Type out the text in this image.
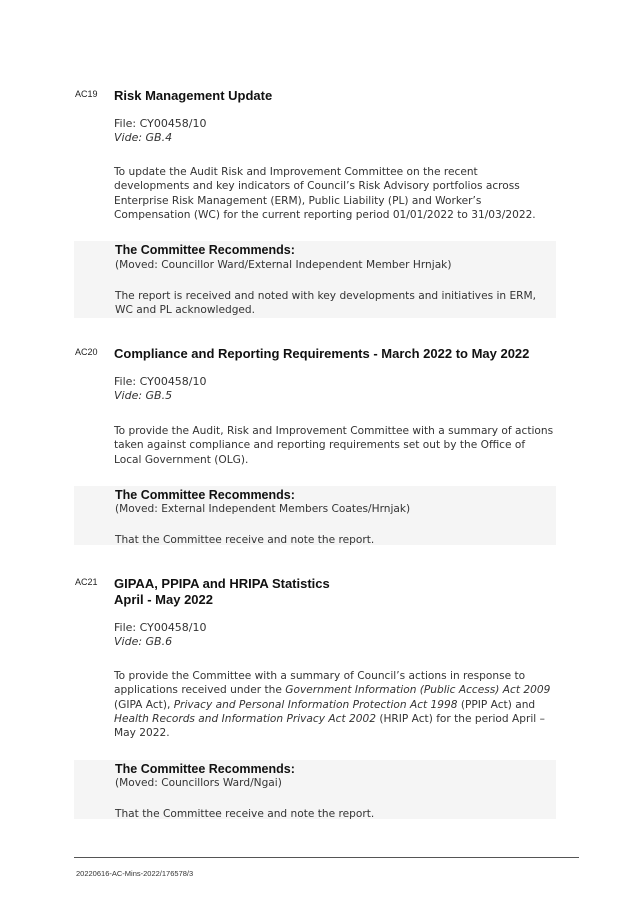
AC19 Risk Management Update
File: CY00458/10
Vide: GB.4
To update the Audit Risk and Improvement Committee on the recent developments and key indicators of Council’s Risk Advisory portfolios across Enterprise Risk Management (ERM), Public Liability (PL) and Worker’s Compensation (WC) for the current reporting period 01/01/2022 to 31/03/2022.
The Committee Recommends:
(Moved: Councillor Ward/External Independent Member Hrnjak)
The report is received and noted with key developments and initiatives in ERM, WC and PL acknowledged.
AC20 Compliance and Reporting Requirements - March 2022 to May 2022
File: CY00458/10
Vide: GB.5
To provide the Audit, Risk and Improvement Committee with a summary of actions taken against compliance and reporting requirements set out by the Office of Local Government (OLG).
The Committee Recommends:
(Moved: External Independent Members Coates/Hrnjak)
That the Committee receive and note the report.
AC21 GIPAA, PPIPA and HRIPA Statistics
April - May 2022
File: CY00458/10
Vide: GB.6
To provide the Committee with a summary of Council’s actions in response to applications received under the Government Information (Public Access) Act 2009 (GIPA Act), Privacy and Personal Information Protection Act 1998 (PPIP Act) and Health Records and Information Privacy Act 2002 (HRIP Act) for the period April – May 2022.
The Committee Recommends:
(Moved: Councillors Ward/Ngai)
That the Committee receive and note the report.
20220616-AC-Mins-2022/176578/3
